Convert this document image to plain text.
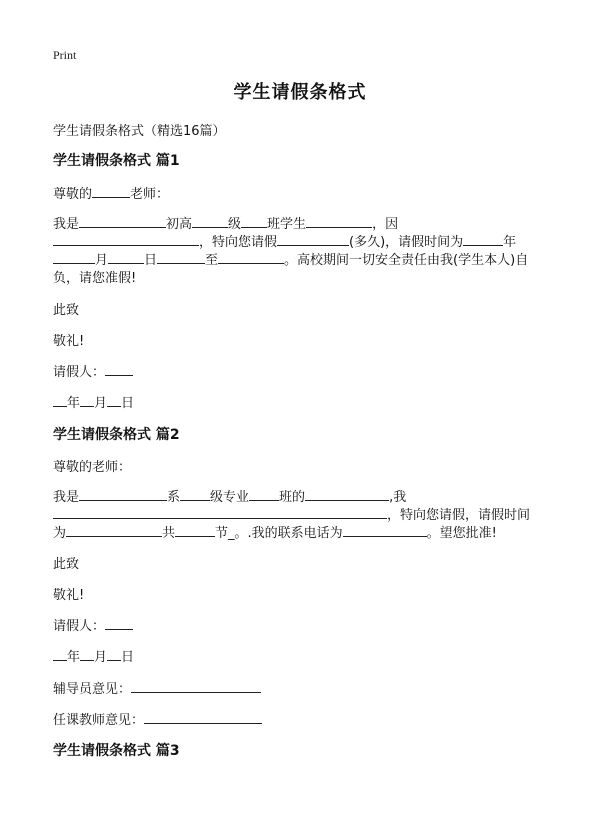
Print
学生请假条格式
学生请假条格式（精选16篇）
学生请假条格式 篇1
尊敬的	老师：
我是	初高	级 班学生	，因
，特向您请假	(多久)，请假时间为	年
月	日	至	。高校期间一切安全责任由我(学生本人)自
负，请您准假!
此致
敬礼!
请假人：
年 月 日
学生请假条格式 篇2
尊敬的老师：
我是	系 级专业 班的	,我
，特向您请假，请假时间
为	共	节_。.我的联系电话为	。望您批准!
此致
敬礼!
请假人：
年 月 日
辅导员意见：
任课教师意见：
学生请假条格式 篇3
